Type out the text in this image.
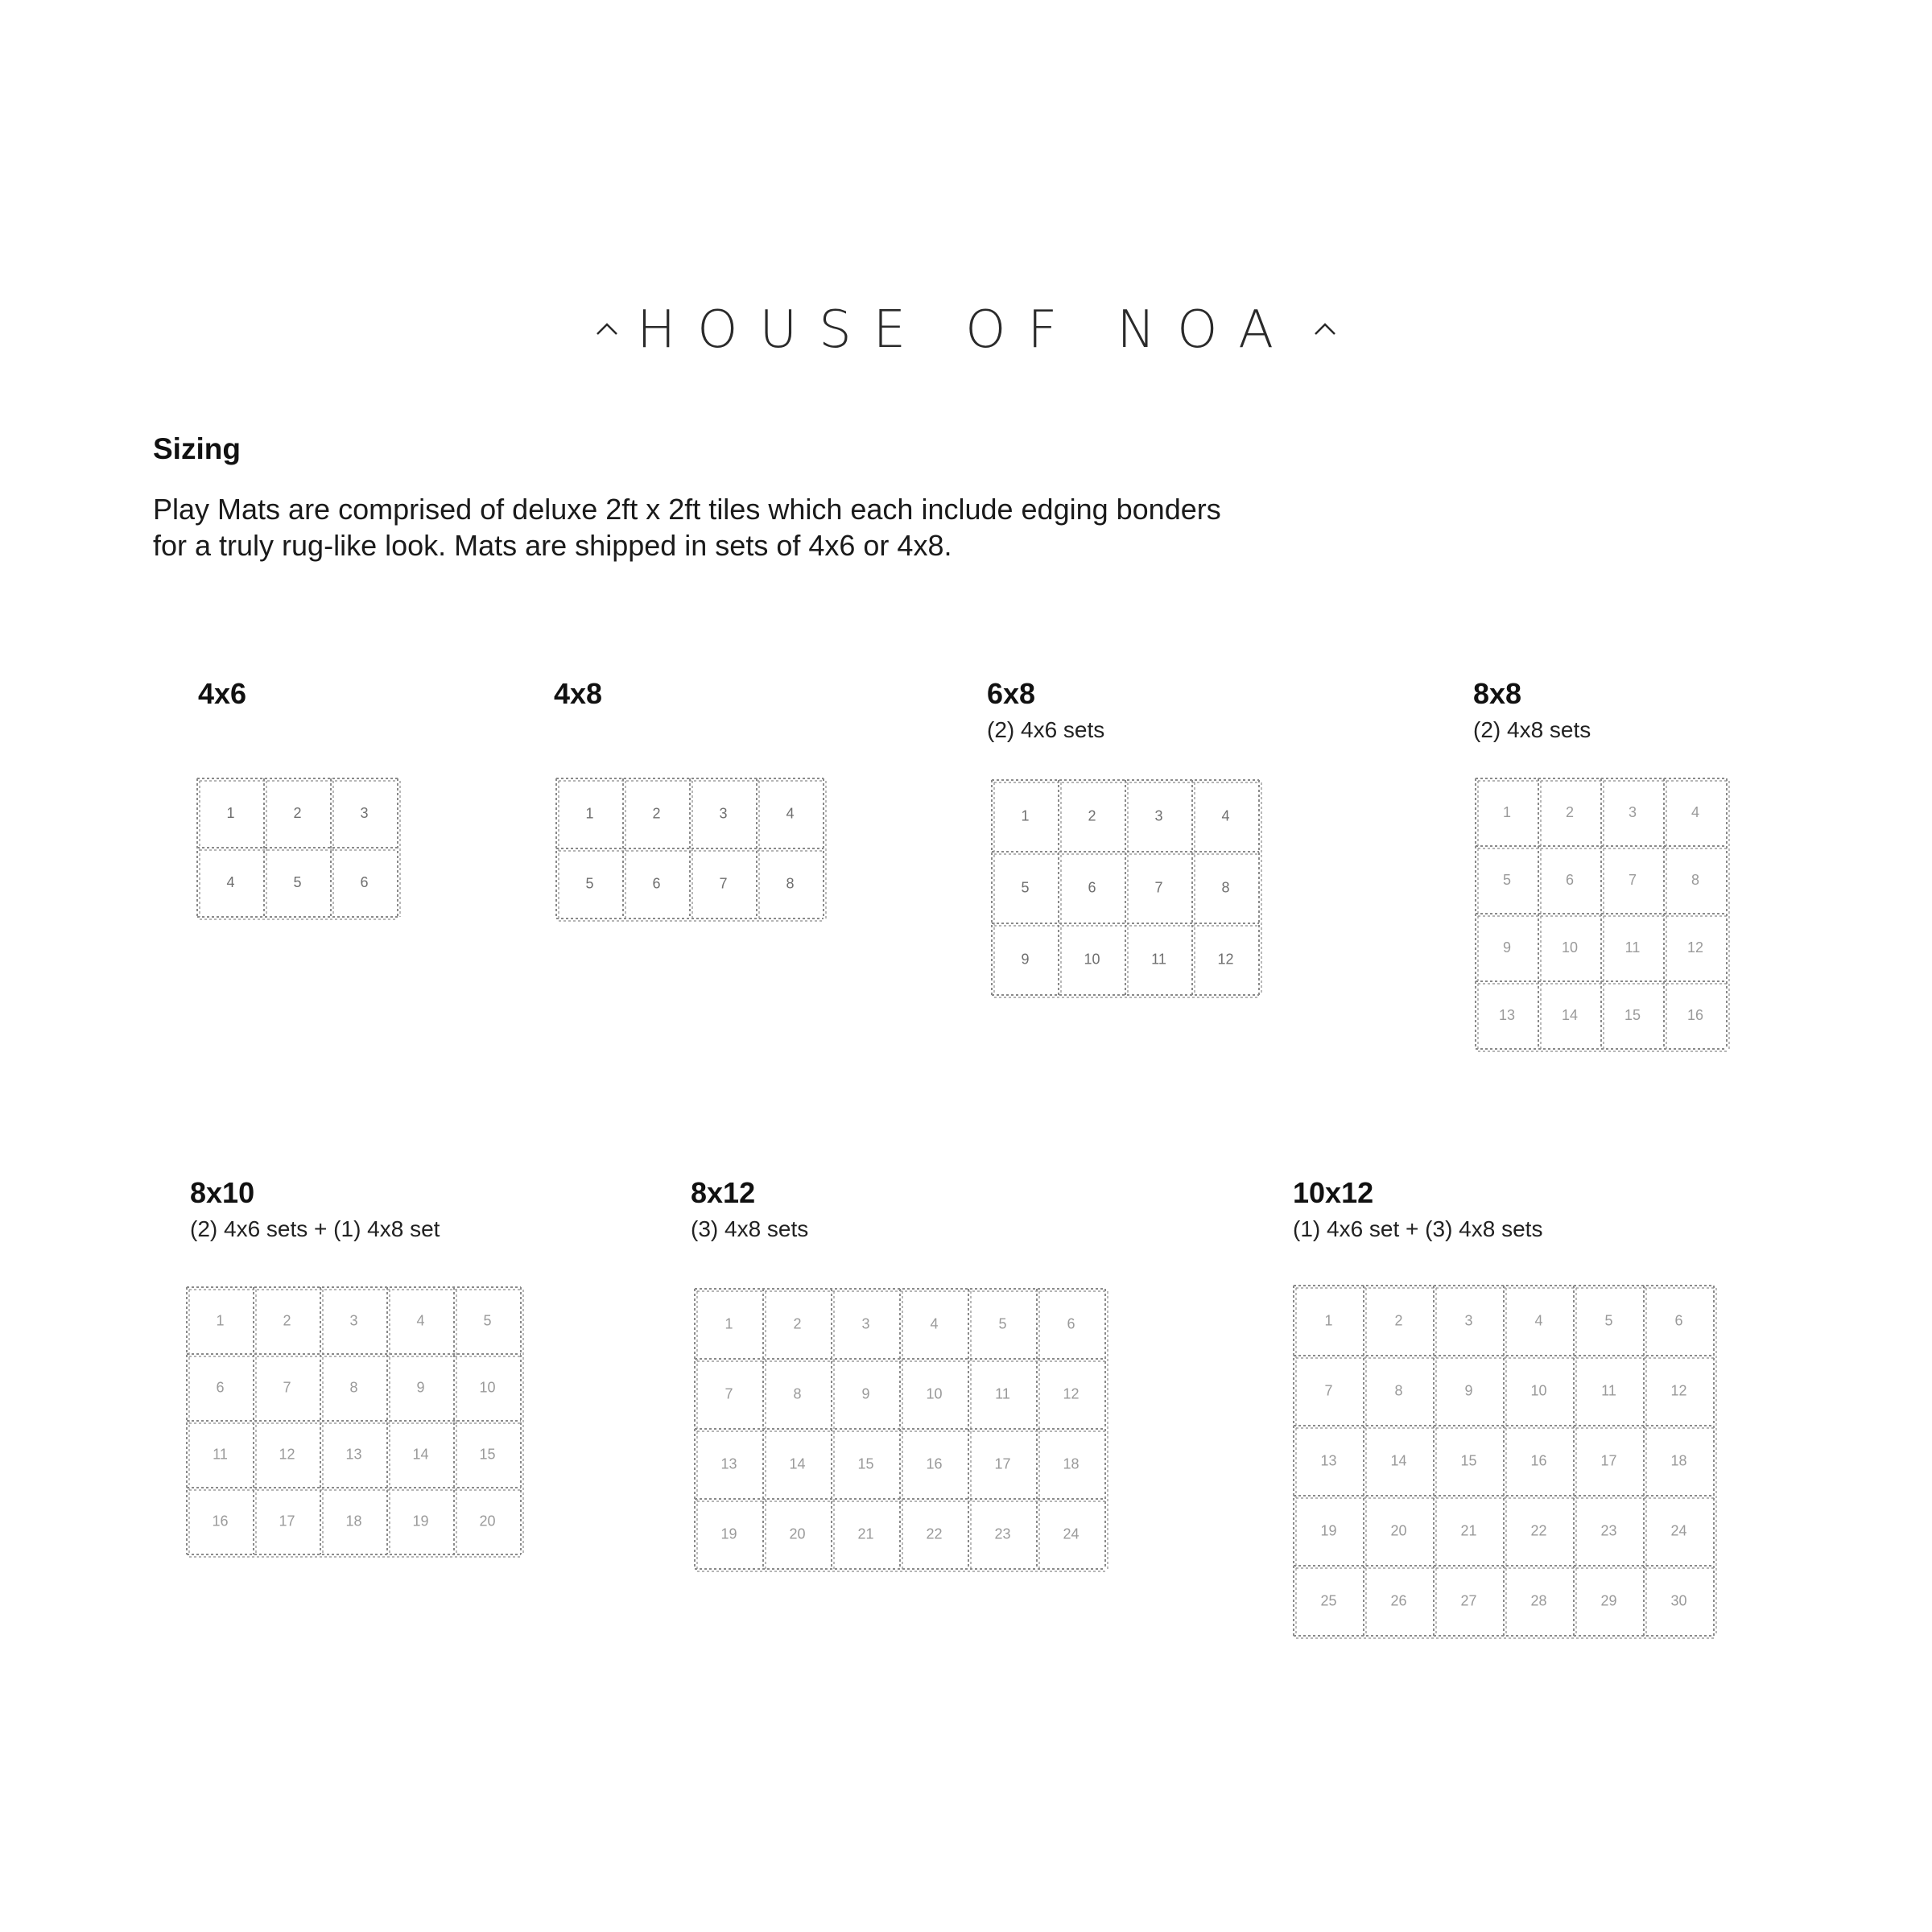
HOUSE OF NOA
Sizing

Play Mats are comprised of deluxe 2ft x 2ft tiles which each include edging bonders

for a truly rug-like look. Mats are shipped in sets of 4x6 or 4x8.

4x6
1	2	3
4	5	6
4x8
1	2	3	4
5	6	7	8
6x8
(2) 4x6 sets
1	2	3	4
5	6	7	8
9	10	11	12
8x8
(2) 4x8 sets
1	2	3	4
5	6	7	8
9	10	11	12
13	14	15	16
8x10
(2) 4x6 sets + (1) 4x8 set
1	2	3	4	5
6	7	8	9	10
11	12	13	14	15
16	17	18	19	20
8x12
(3) 4x8 sets
1	2	3	4	5	6
7	8	9	10	11	12
13	14	15	16	17	18
19	20	21	22	23	24
10x12
(1) 4x6 set + (3) 4x8 sets
1	2	3	4	5	6
7	8	9	10	11	12
13	14	15	16	17	18
19	20	21	22	23	24
25	26	27	28	29	30
